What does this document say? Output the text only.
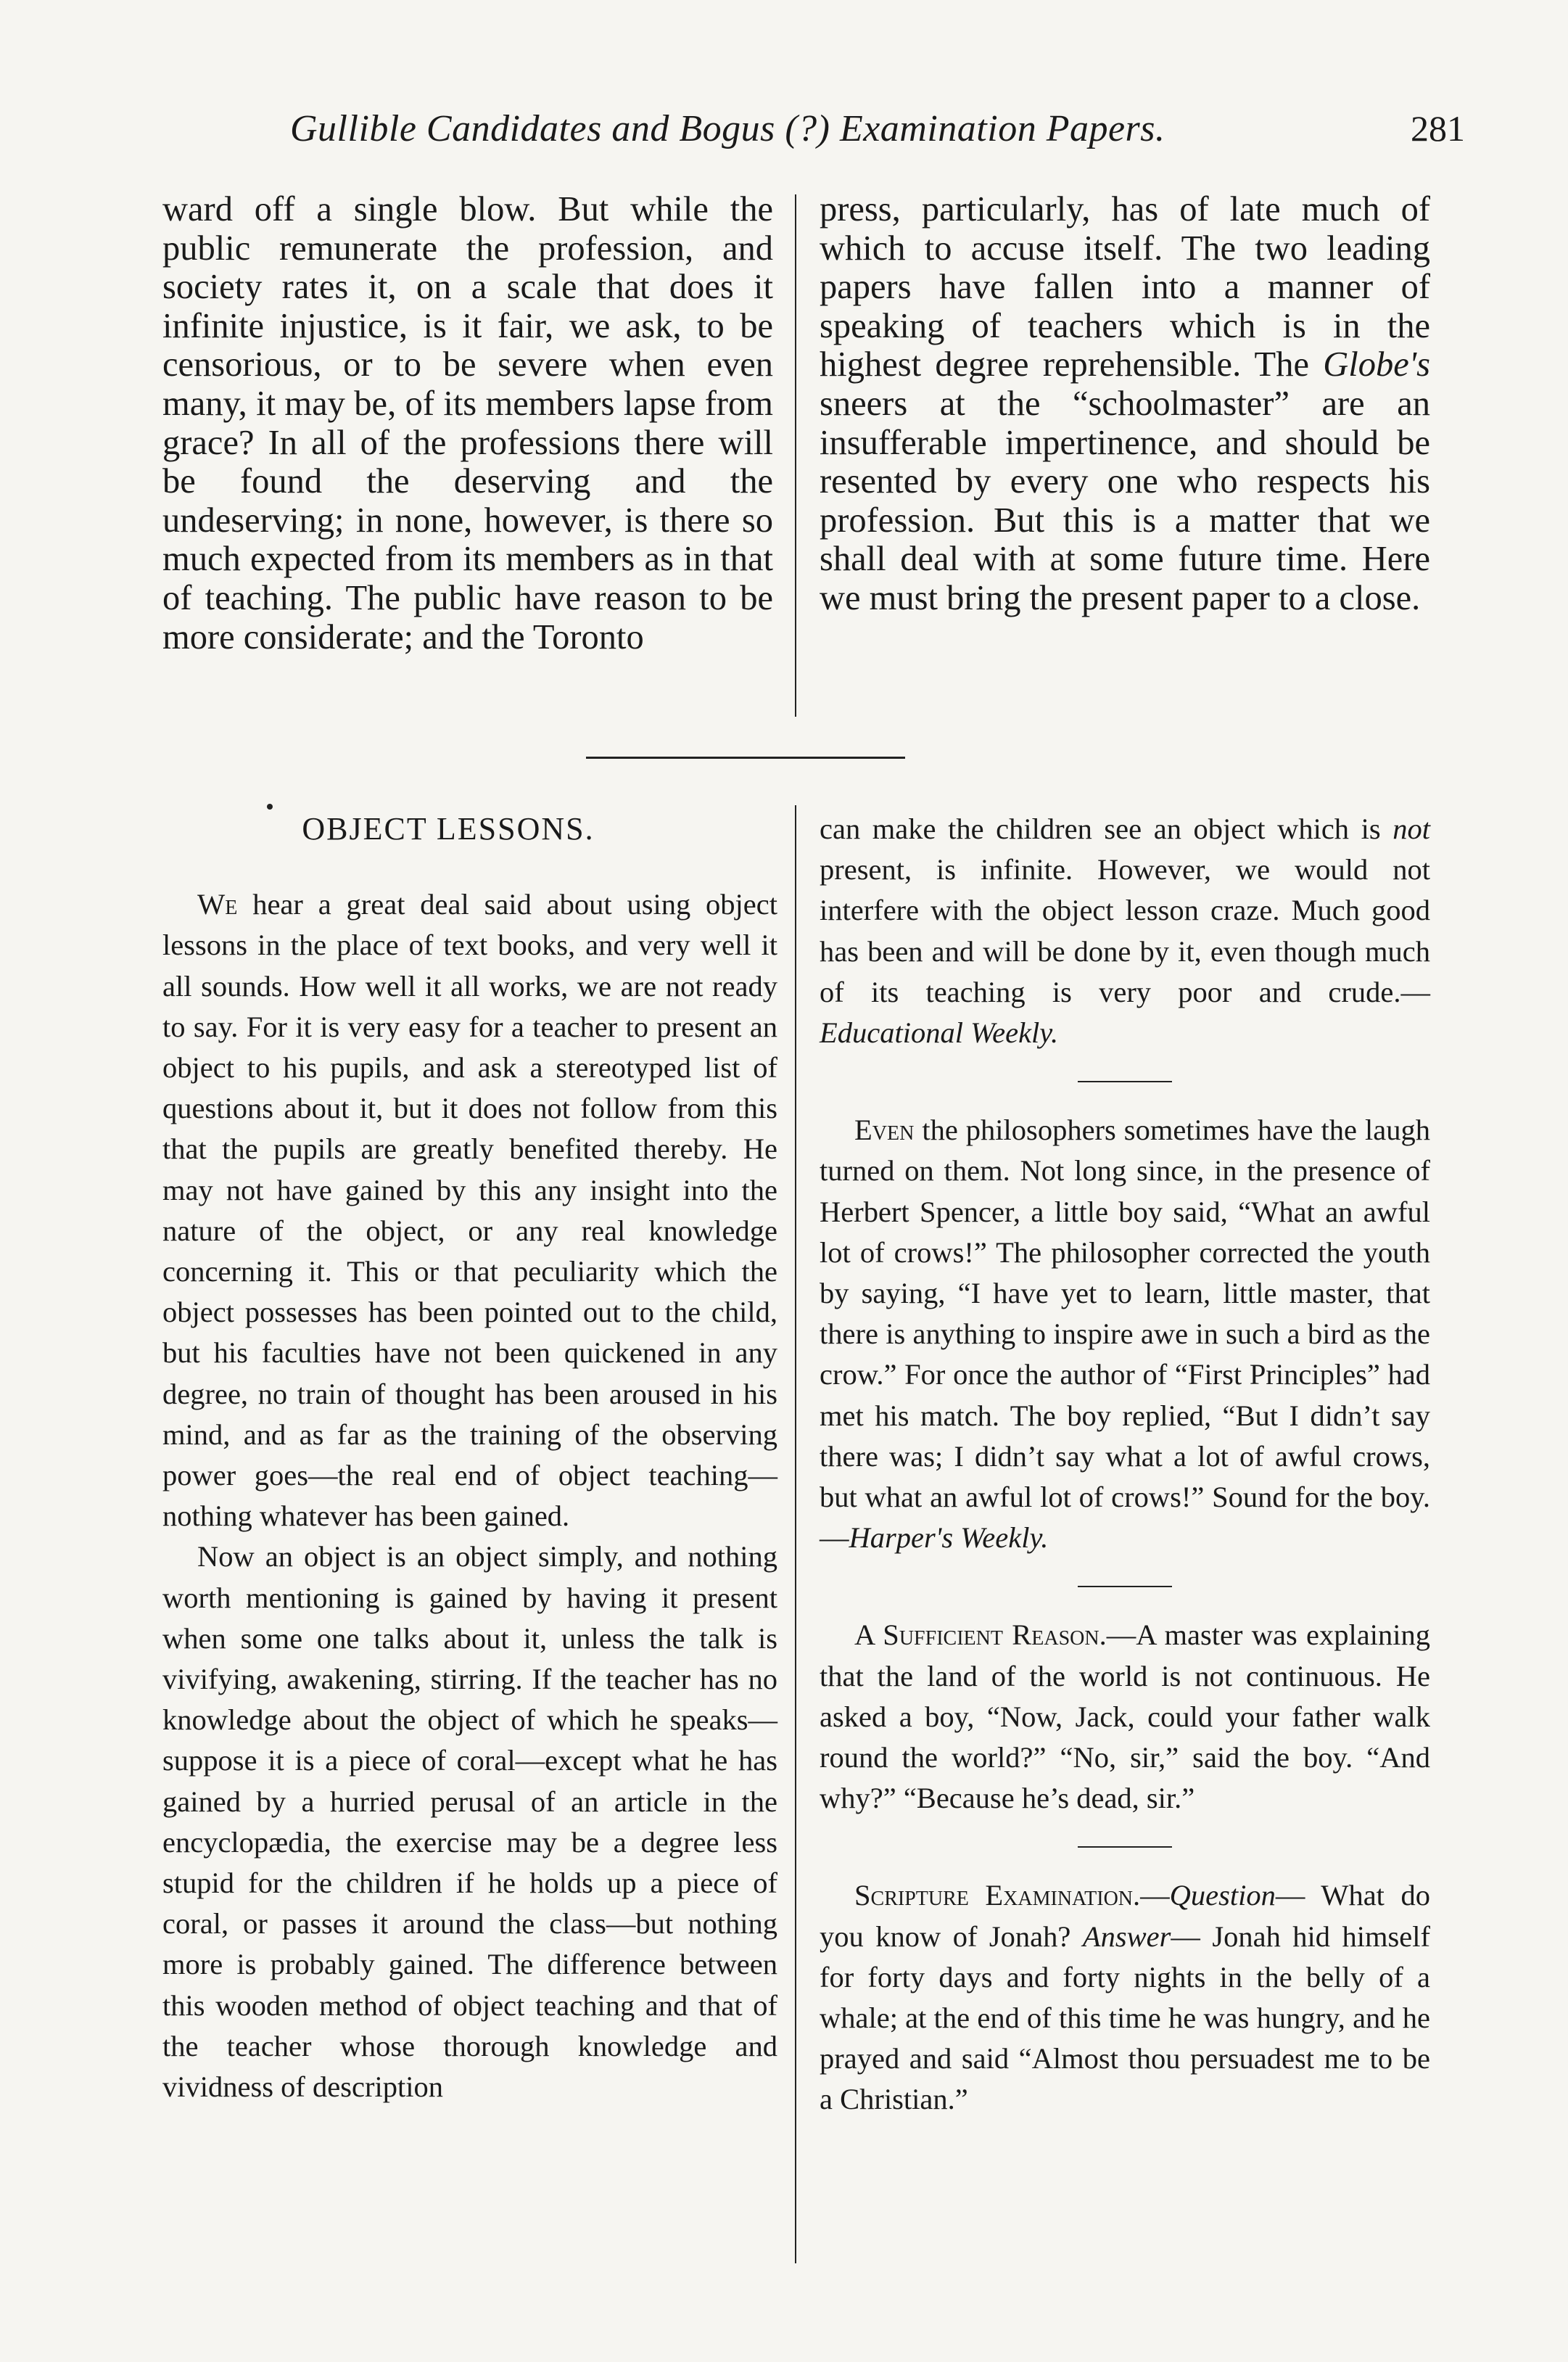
Gullible Candidates and Bogus (?) Examination Papers.	281

ward off a single blow. But while the public remunerate the profession, and society rates it, on a scale that does it infinite injustice, is it fair, we ask, to be censorious, or to be severe when even many, it may be, of its members lapse from grace? In all of the professions there will be found the deserving and the undeserving; in none, however, is there so much expected from its members as in that of teaching. The public have reason to be more considerate; and the Toronto

press, particularly, has of late much of which to accuse itself. The two leading papers have fallen into a manner of speaking of teachers which is in the highest degree reprehensible. The Globe's sneers at the “schoolmaster” are an insufferable impertinence, and should be resented by every one who respects his profession. But this is a matter that we shall deal with at some future time. Here we must bring the present paper to a close.

OBJECT LESSONS.

We hear a great deal said about using object lessons in the place of text books, and very well it all sounds. How well it all works, we are not ready to say. For it is very easy for a teacher to present an object to his pupils, and ask a stereotyped list of questions about it, but it does not follow from this that the pupils are greatly benefited thereby. He may not have gained by this any insight into the nature of the object, or any real knowledge concerning it. This or that peculiarity which the object possesses has been pointed out to the child, but his faculties have not been quickened in any degree, no train of thought has been aroused in his mind, and as far as the training of the observing power goes—the real end of object teaching—nothing whatever has been gained.

Now an object is an object simply, and nothing worth mentioning is gained by having it present when some one talks about it, unless the talk is vivifying, awakening, stirring. If the teacher has no knowledge about the object of which he speaks—suppose it is a piece of coral—except what he has gained by a hurried perusal of an article in the encyclopædia, the exercise may be a degree less stupid for the children if he holds up a piece of coral, or passes it around the class—but nothing more is probably gained. The difference between this wooden method of object teaching and that of the teacher whose thorough knowledge and vividness of description

can make the children see an object which is not present, is infinite. However, we would not interfere with the object lesson craze. Much good has been and will be done by it, even though much of its teaching is very poor and crude.—Educational Weekly.

Even the philosophers sometimes have the laugh turned on them. Not long since, in the presence of Herbert Spencer, a little boy said, “What an awful lot of crows!” The philosopher corrected the youth by saying, “I have yet to learn, little master, that there is anything to inspire awe in such a bird as the crow.” For once the author of “First Principles” had met his match. The boy replied, “But I didn’t say there was; I didn’t say what a lot of awful crows, but what an awful lot of crows!” Sound for the boy.—Harper's Weekly.

A Sufficient Reason.—A master was explaining that the land of the world is not continuous. He asked a boy, “Now, Jack, could your father walk round the world?” “No, sir,” said the boy. “And why?” “Because he’s dead, sir.”

Scripture Examination.—Question— What do you know of Jonah? Answer— Jonah hid himself for forty days and forty nights in the belly of a whale; at the end of this time he was hungry, and he prayed and said “Almost thou persuadest me to be a Christian.”
